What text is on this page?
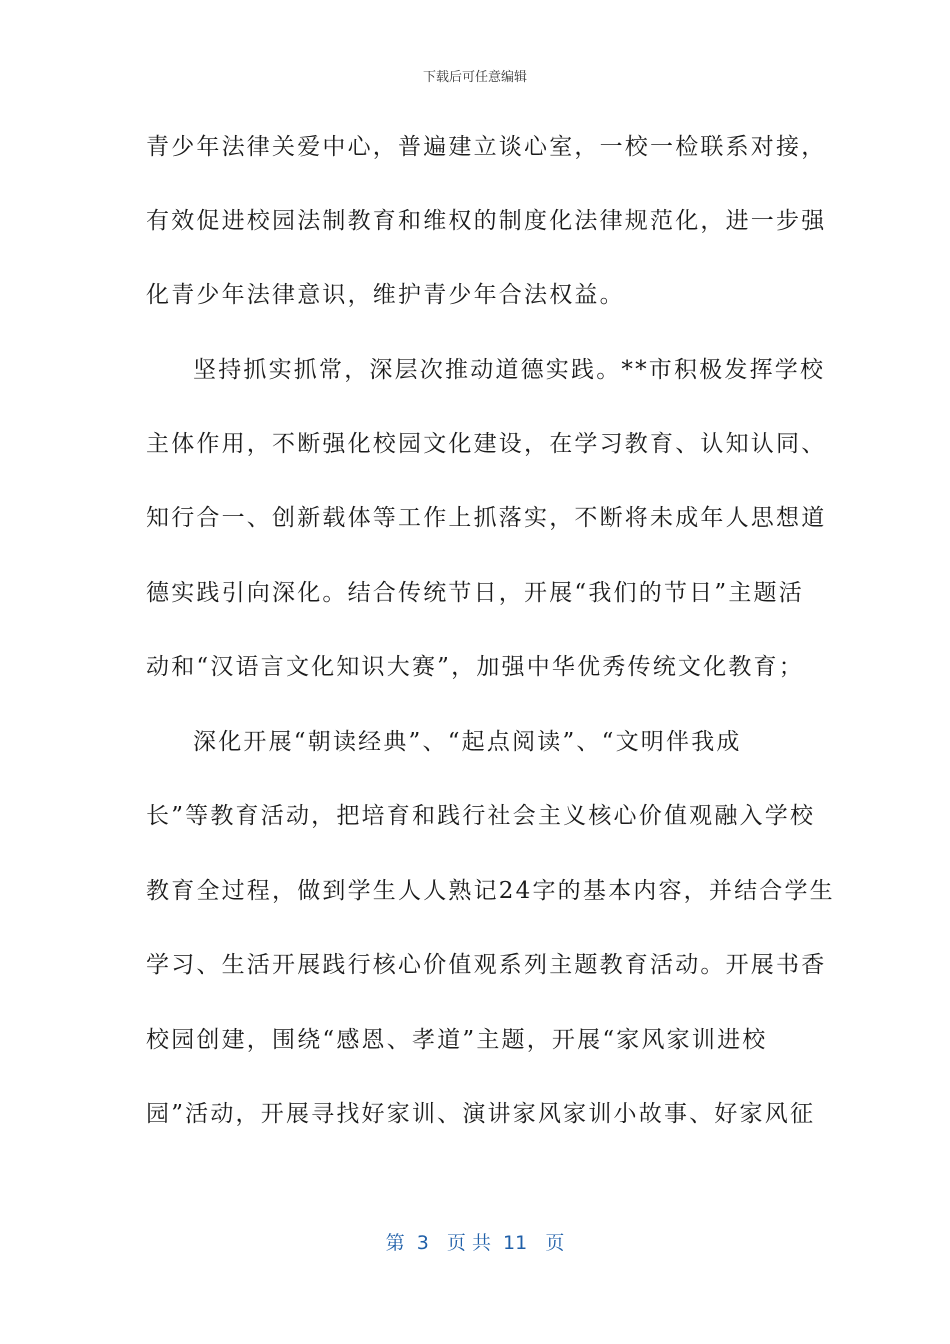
下载后可任意编辑
青少年法律关爱中心，普遍建立谈心室，一校一检联系对接，
有效促进校园法制教育和维权的制度化法律规范化，进一步强
化青少年法律意识，维护青少年合法权益。
坚持抓实抓常，深层次推动道德实践。**市积极发挥学校
主体作用，不断强化校园文化建设，在学习教育、认知认同、
知行合一、创新载体等工作上抓落实，不断将未成年人思想道
德实践引向深化。结合传统节日，开展“我们的节日”主题活
动和“汉语言文化知识大赛”，加强中华优秀传统文化教育；
深化开展“朝读经典”、“起点阅读”、“文明伴我成
长”等教育活动，把培育和践行社会主义核心价值观融入学校
教育全过程，做到学生人人熟记24字的基本内容，并结合学生
学习、生活开展践行核心价值观系列主题教育活动。开展书香
校园创建，围绕“感恩、孝道”主题，开展“家风家训进校
园”活动，开展寻找好家训、演讲家风家训小故事、好家风征
第  3   页 共  11   页
